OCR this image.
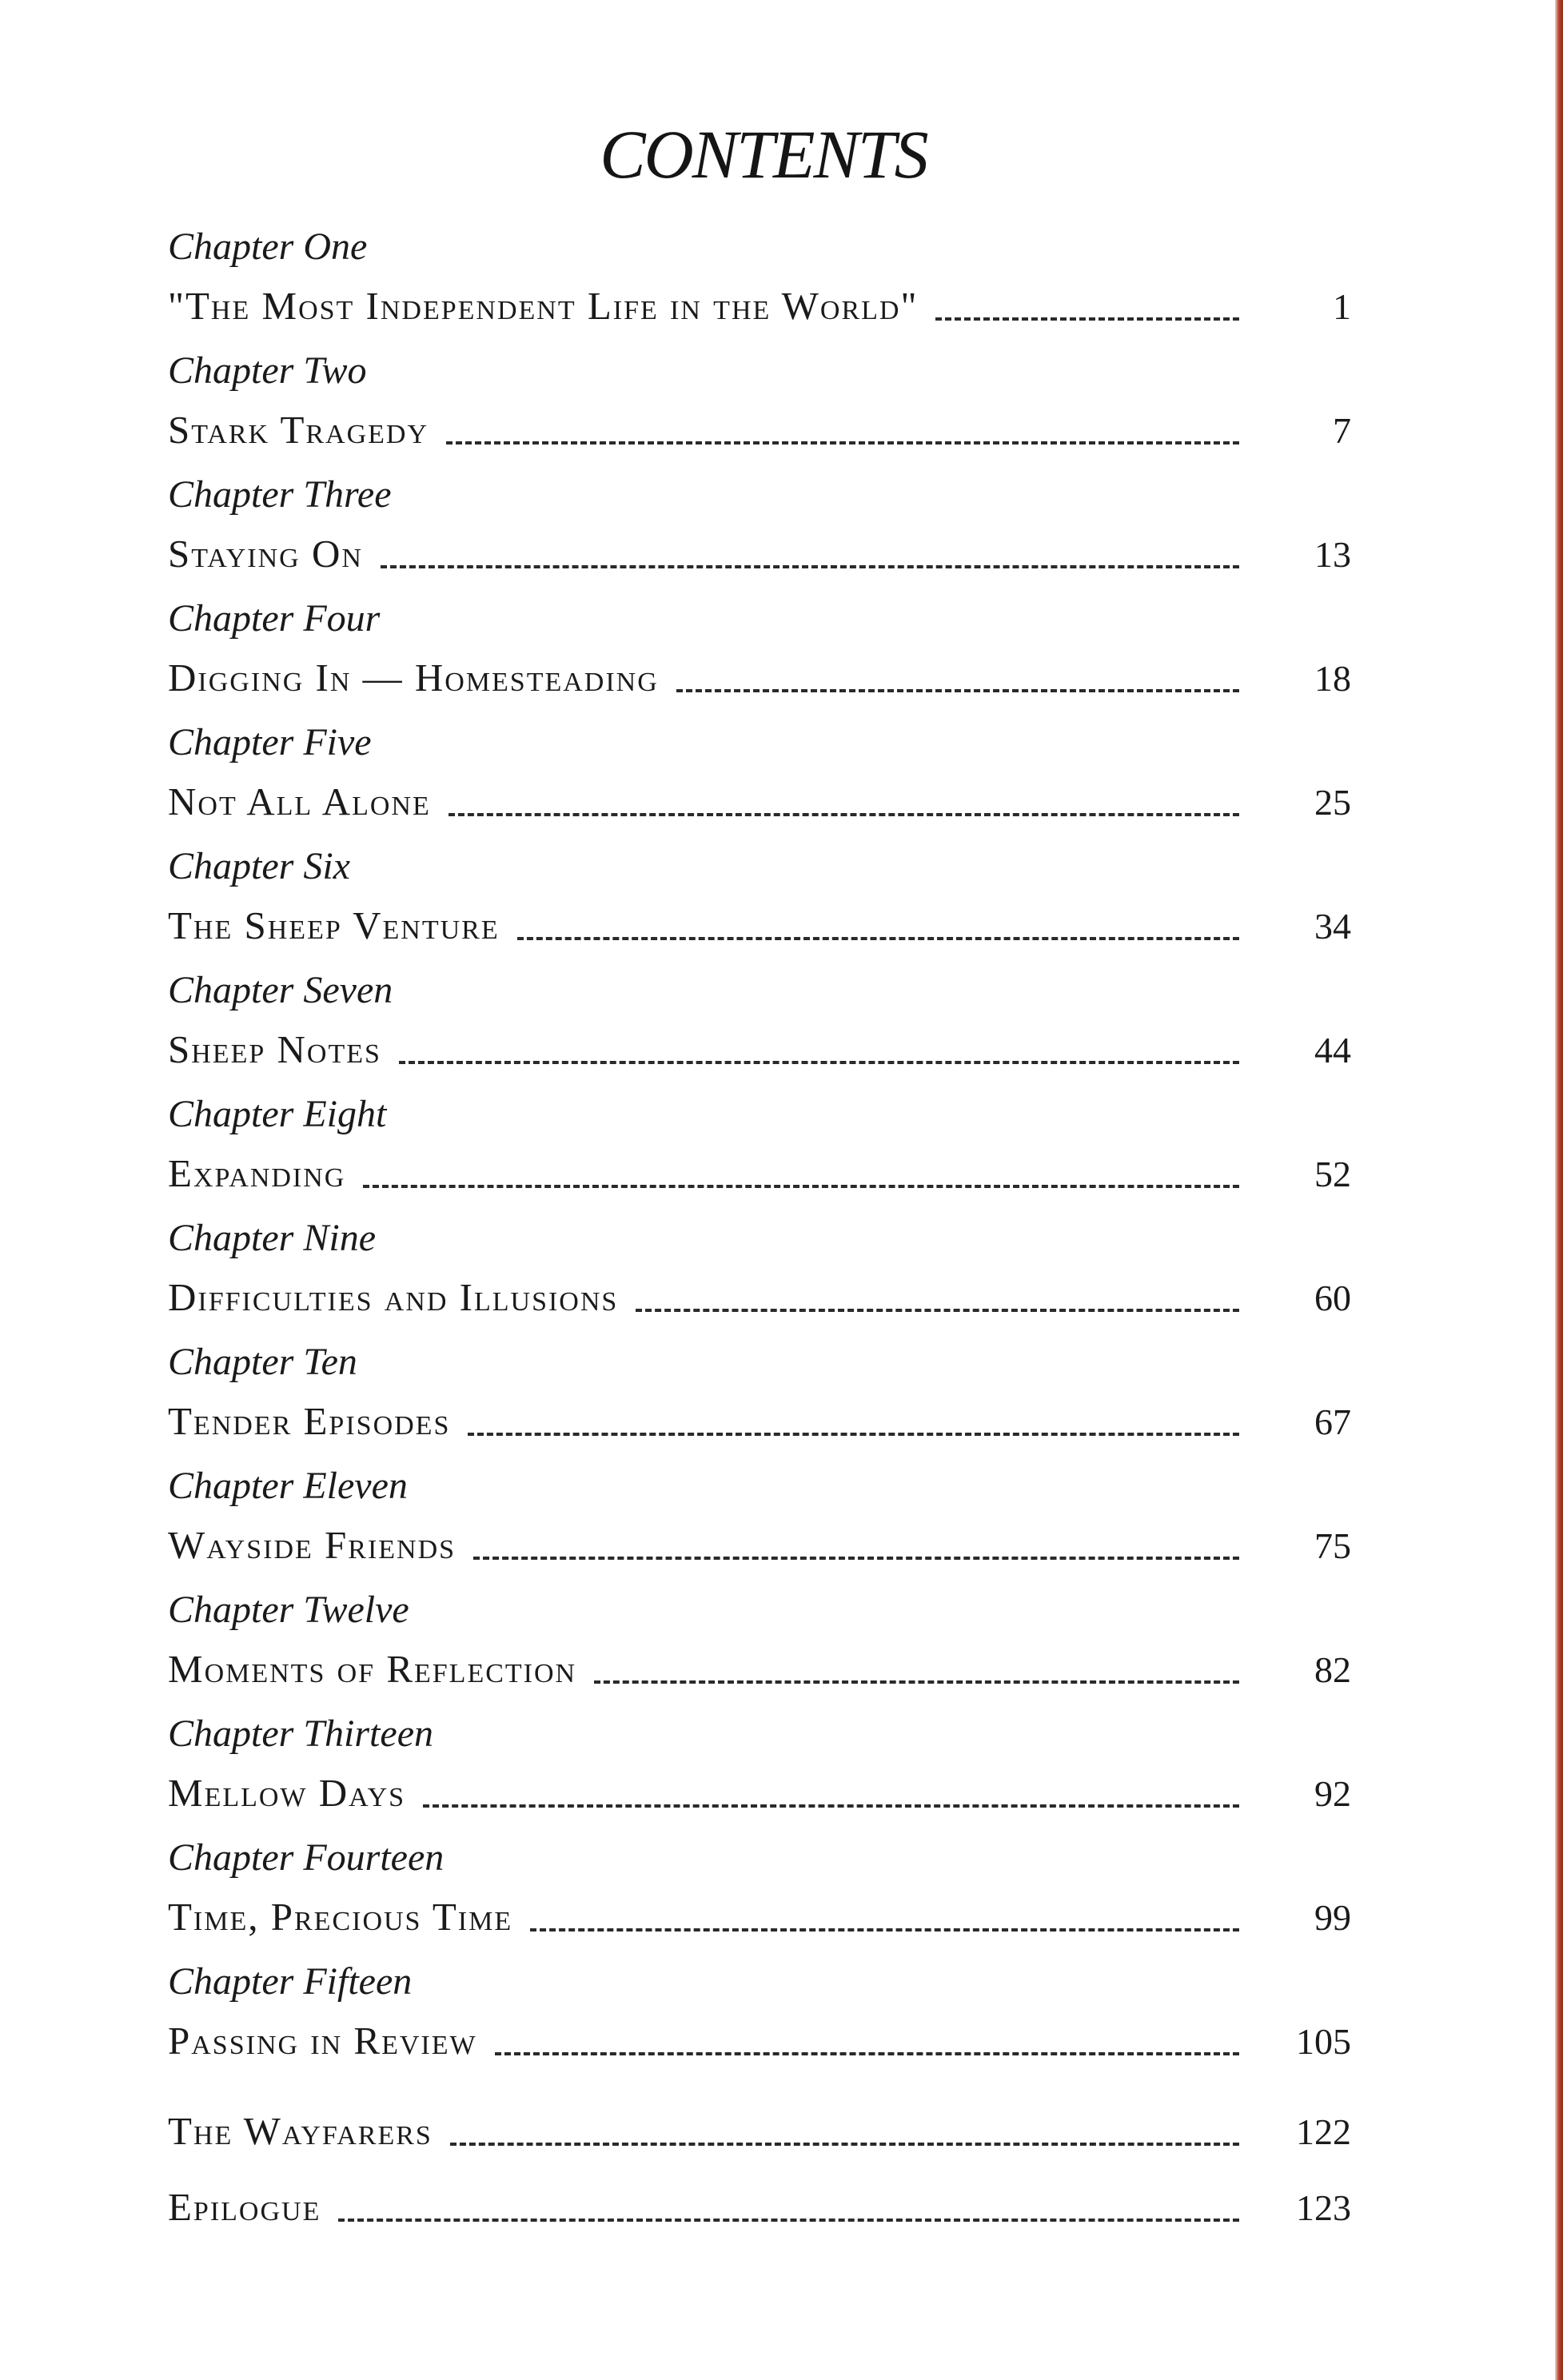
CONTENTS
Chapter One
"The Most Independent Life in the World"	1
Chapter Two
Stark Tragedy	7
Chapter Three
Staying On	13
Chapter Four
Digging In — Homesteading	18
Chapter Five
Not All Alone	25
Chapter Six
The Sheep Venture	34
Chapter Seven
Sheep Notes	44
Chapter Eight
Expanding	52
Chapter Nine
Difficulties and Illusions	60
Chapter Ten
Tender Episodes	67
Chapter Eleven
Wayside Friends	75
Chapter Twelve
Moments of Reflection	82
Chapter Thirteen
Mellow Days	92
Chapter Fourteen
Time, Precious Time	99
Chapter Fifteen
Passing in Review	105
The Wayfarers	122
Epilogue	123
